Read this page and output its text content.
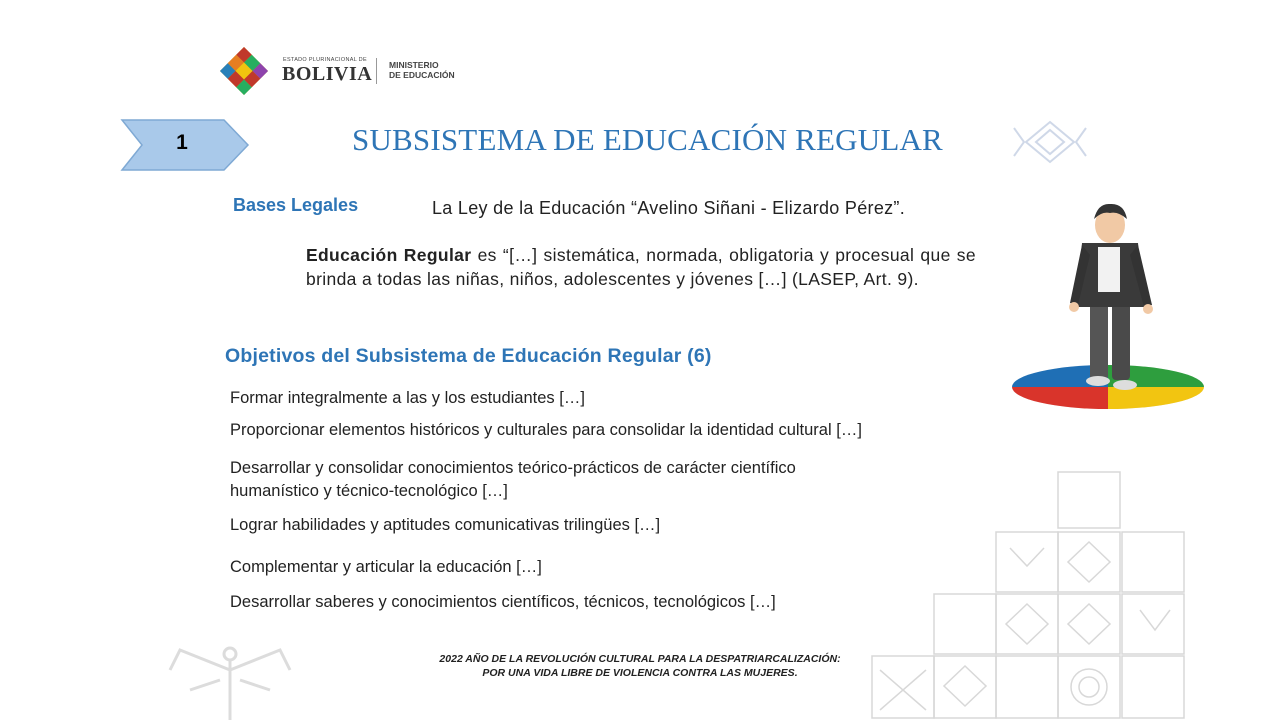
ESTADO PLURINACIONAL DE
BOLIVIA MINISTERIO
DE EDUCACIÓN
1	SUBSISTEMA DE EDUCACIÓN REGULAR
Bases Legales	La Ley de la Educación “Avelino Siñani - Elizardo Pérez”.
Educación Regular es “[…] sistemática, normada, obligatoria y procesual que se brinda a todas las niñas, niños, adolescentes y jóvenes […] (LASEP, Art. 9).
Objetivos del Subsistema de Educación Regular (6)
Formar integralmente a las y los estudiantes […]
Proporcionar elementos históricos y culturales para consolidar la identidad cultural […]
Desarrollar y consolidar conocimientos teórico-prácticos de carácter científico
humanístico y técnico-tecnológico […]
Lograr habilidades y aptitudes comunicativas trilingües […]
Complementar y articular la educación […]
Desarrollar saberes y conocimientos científicos, técnicos, tecnológicos […]
2022 AÑO DE LA REVOLUCIÓN CULTURAL PARA LA DESPATRIARCALIZACIÓN:
POR UNA VIDA LIBRE DE VIOLENCIA CONTRA LAS MUJERES.
